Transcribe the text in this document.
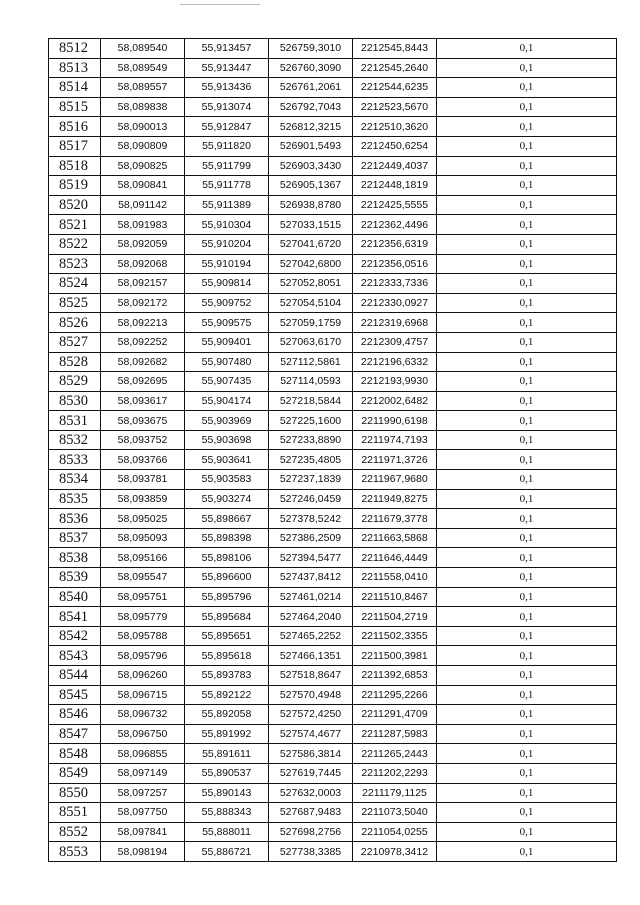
8512	58,089540	55,913457	526759,3010	2212545,8443	0,1
8513	58,089549	55,913447	526760,3090	2212545,2640	0,1
8514	58,089557	55,913436	526761,2061	2212544,6235	0,1
8515	58,089838	55,913074	526792,7043	2212523,5670	0,1
8516	58,090013	55,912847	526812,3215	2212510,3620	0,1
8517	58,090809	55,911820	526901,5493	2212450,6254	0,1
8518	58,090825	55,911799	526903,3430	2212449,4037	0,1
8519	58,090841	55,911778	526905,1367	2212448,1819	0,1
8520	58,091142	55,911389	526938,8780	2212425,5555	0,1
8521	58,091983	55,910304	527033,1515	2212362,4496	0,1
8522	58,092059	55,910204	527041,6720	2212356,6319	0,1
8523	58,092068	55,910194	527042,6800	2212356,0516	0,1
8524	58,092157	55,909814	527052,8051	2212333,7336	0,1
8525	58,092172	55,909752	527054,5104	2212330,0927	0,1
8526	58,092213	55,909575	527059,1759	2212319,6968	0,1
8527	58,092252	55,909401	527063,6170	2212309,4757	0,1
8528	58,092682	55,907480	527112,5861	2212196,6332	0,1
8529	58,092695	55,907435	527114,0593	2212193,9930	0,1
8530	58,093617	55,904174	527218,5844	2212002,6482	0,1
8531	58,093675	55,903969	527225,1600	2211990,6198	0,1
8532	58,093752	55,903698	527233,8890	2211974,7193	0,1
8533	58,093766	55,903641	527235,4805	2211971,3726	0,1
8534	58,093781	55,903583	527237,1839	2211967,9680	0,1
8535	58,093859	55,903274	527246,0459	2211949,8275	0,1
8536	58,095025	55,898667	527378,5242	2211679,3778	0,1
8537	58,095093	55,898398	527386,2509	2211663,5868	0,1
8538	58,095166	55,898106	527394,5477	2211646,4449	0,1
8539	58,095547	55,896600	527437,8412	2211558,0410	0,1
8540	58,095751	55,895796	527461,0214	2211510,8467	0,1
8541	58,095779	55,895684	527464,2040	2211504,2719	0,1
8542	58,095788	55,895651	527465,2252	2211502,3355	0,1
8543	58,095796	55,895618	527466,1351	2211500,3981	0,1
8544	58,096260	55,893783	527518,8647	2211392,6853	0,1
8545	58,096715	55,892122	527570,4948	2211295,2266	0,1
8546	58,096732	55,892058	527572,4250	2211291,4709	0,1
8547	58,096750	55,891992	527574,4677	2211287,5983	0,1
8548	58,096855	55,891611	527586,3814	2211265,2443	0,1
8549	58,097149	55,890537	527619,7445	2211202,2293	0,1
8550	58,097257	55,890143	527632,0003	2211179,1125	0,1
8551	58,097750	55,888343	527687,9483	2211073,5040	0,1
8552	58,097841	55,888011	527698,2756	2211054,0255	0,1
8553	58,098194	55,886721	527738,3385	2210978,3412	0,1
